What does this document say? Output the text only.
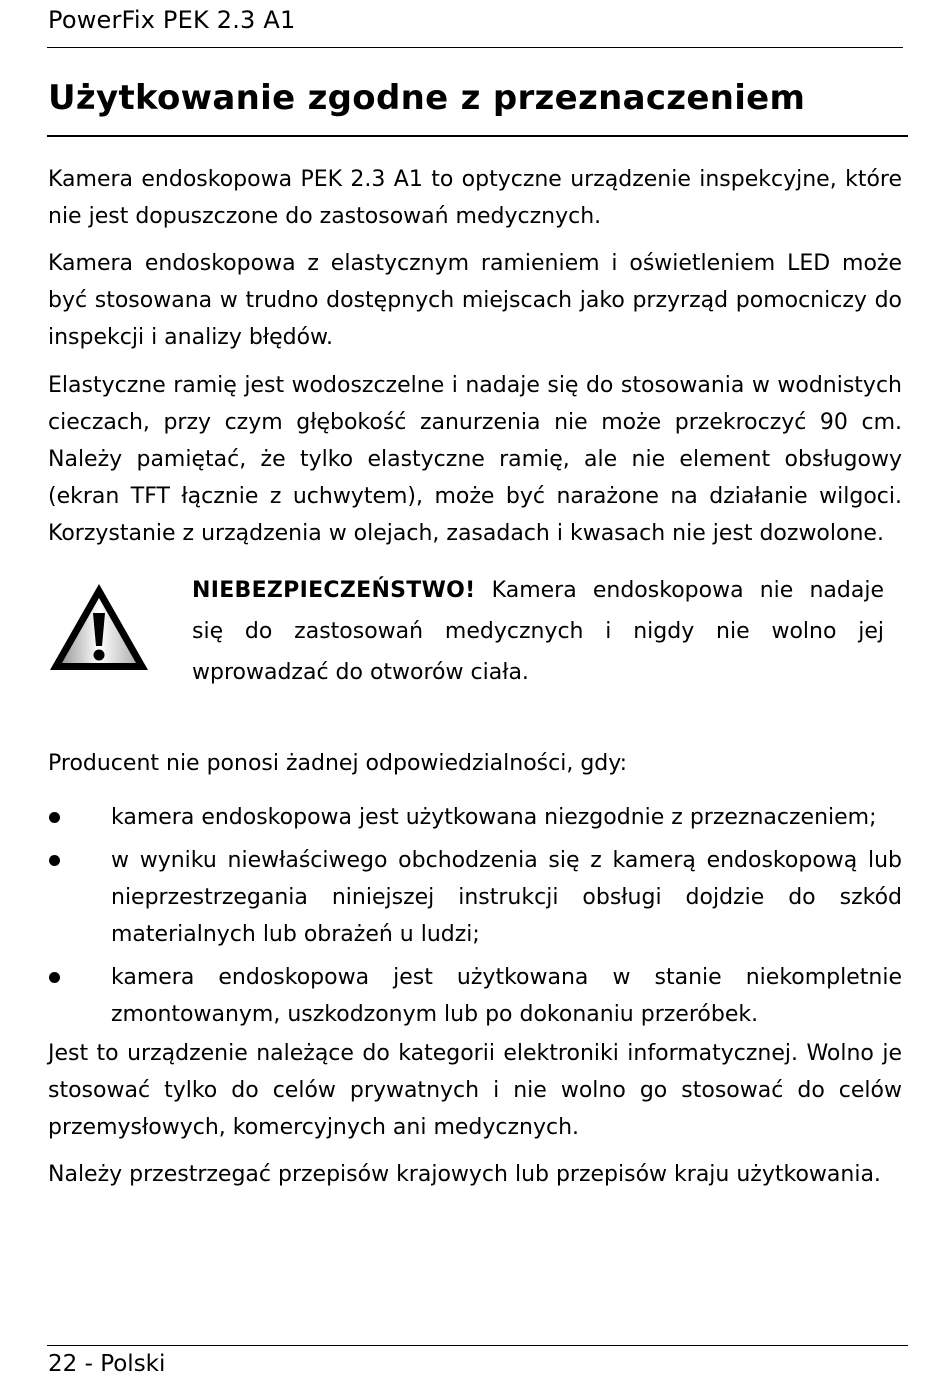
PowerFix PEK 2.3 A1
Użytkowanie zgodne z przeznaczeniem

Kamera endoskopowa PEK 2.3 A1 to optyczne urządzenie inspekcyjne, które nie jest dopuszczone do zastosowań medycznych.

Kamera endoskopowa z elastycznym ramieniem i oświetleniem LED może być stosowana w trudno dostępnych miejscach jako przyrząd pomocniczy do inspekcji i analizy błędów.

Elastyczne ramię jest wodoszczelne i nadaje się do stosowania w wodnistych cieczach, przy czym głębokość zanurzenia nie może przekroczyć 90 cm. Należy pamiętać, że tylko elastyczne ramię, ale nie element obsługowy (ekran TFT łącznie z uchwytem), może być narażone na działanie wilgoci. Korzystanie z urządzenia w olejach, zasadach i kwasach nie jest dozwolone.

NIEBEZPIECZEŃSTWO! Kamera endoskopowa nie nadaje się do zastosowań medycznych i nigdy nie wolno jej wprowadzać do otworów ciała.

Producent nie ponosi żadnej odpowiedzialności, gdy:

kamera endoskopowa jest użytkowana niezgodnie z przeznaczeniem;
w wyniku niewłaściwego obchodzenia się z kamerą endoskopową lub nieprzestrzegania niniejszej instrukcji obsługi dojdzie do szkód materialnych lub obrażeń u ludzi;
kamera endoskopowa jest użytkowana w stanie niekompletnie zmontowanym, uszkodzonym lub po dokonaniu przeróbek.

Jest to urządzenie należące do kategorii elektroniki informatycznej. Wolno je stosować tylko do celów prywatnych i nie wolno go stosować do celów przemysłowych, komercyjnych ani medycznych.

Należy przestrzegać przepisów krajowych lub przepisów kraju użytkowania.

22 - Polski
